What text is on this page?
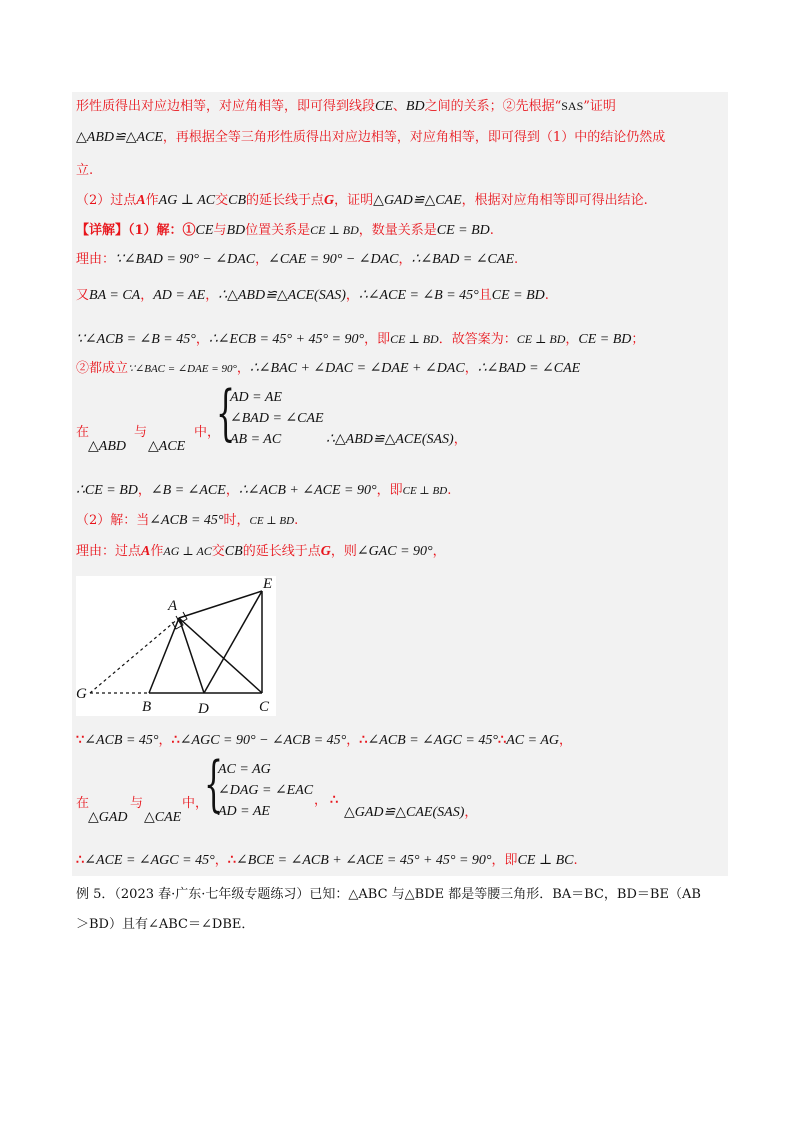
形性质得出对应边相等，对应角相等，即可得到线段CE、BD之间的关系；②先根据“SAS”证明
△ABD≌△ACE，再根据全等三角形性质得出对应边相等，对应角相等，即可得到（1）中的结论仍然成
立.
（2）过点A作AG ⊥ AC交CB的延长线于点G，证明△GAD≌△CAE，根据对应角相等即可得出结论.
【详解】（1）解：①CE与BD位置关系是CE ⊥ BD，数量关系是CE = BD.
理由：∵∠BAD = 90° − ∠DAC，∠CAE = 90° − ∠DAC，∴∠BAD = ∠CAE.
又BA = CA，AD = AE，∴△ABD≌△ACE(SAS)，∴∠ACE = ∠B = 45°且CE = BD.
∵∠ACB = ∠B = 45°，∴∠ECB = 45° + 45° = 90°，即CE ⊥ BD．故答案为：CE ⊥ BD，CE = BD；
②都成立∵∠BAC = ∠DAE = 90°，∴∠BAC + ∠DAC = ∠DAE + ∠DAC，∴∠BAD = ∠CAE
在
△ABD
与
△ACE
中，
{
AD = AE
∠BAD = ∠CAE
AB = AC	∴△ABD≌△ACE(SAS)，
∴CE = BD，∠B = ∠ACE，∴∠ACB + ∠ACE = 90°，即CE ⊥ BD.
（2）解：当∠ACB = 45°时，CE ⊥ BD.
理由：过点A作AG ⊥ AC交CB的延长线于点G，则∠GAC = 90°，
A
E
G
B	D	C
∵∠ACB = 45°，∴∠AGC = 90° − ∠ACB = 45°，∴∠ACB = ∠AGC = 45°∴AC = AG，
在
△GAD
与
△CAE
中，
{
AC = AG
∠DAG = ∠EAC
AD = AE
， ∴
△GAD≌△CAE(SAS)，
∴∠ACE = ∠AGC = 45°，∴∠BCE = ∠ACB + ∠ACE = 45° + 45° = 90°，即CE ⊥ BC.
例 5．（2023 春·广东·七年级专题练习）已知：△ABC 与△BDE 都是等腰三角形．BA＝BC，BD＝BE（AB
＞BD）且有∠ABC＝∠DBE．
